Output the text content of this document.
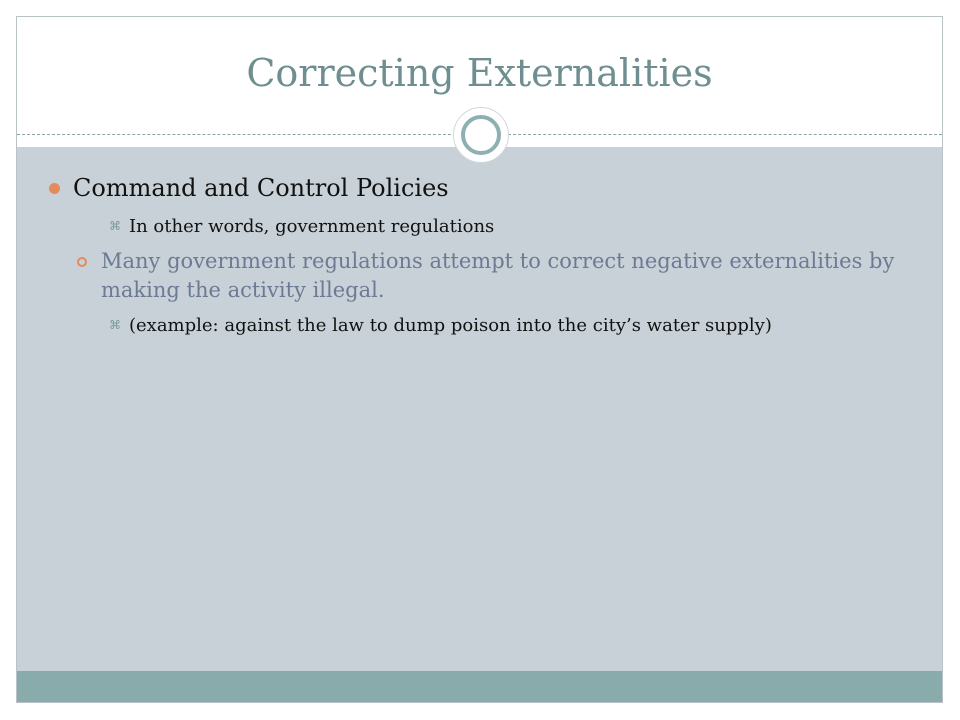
Correcting Externalities
Command and Control Policies
⌘ In other words, government regulations
Many government regulations attempt to correct negative externalities by making the activity illegal.
⌘ (example: against the law to dump poison into the city’s water supply)
